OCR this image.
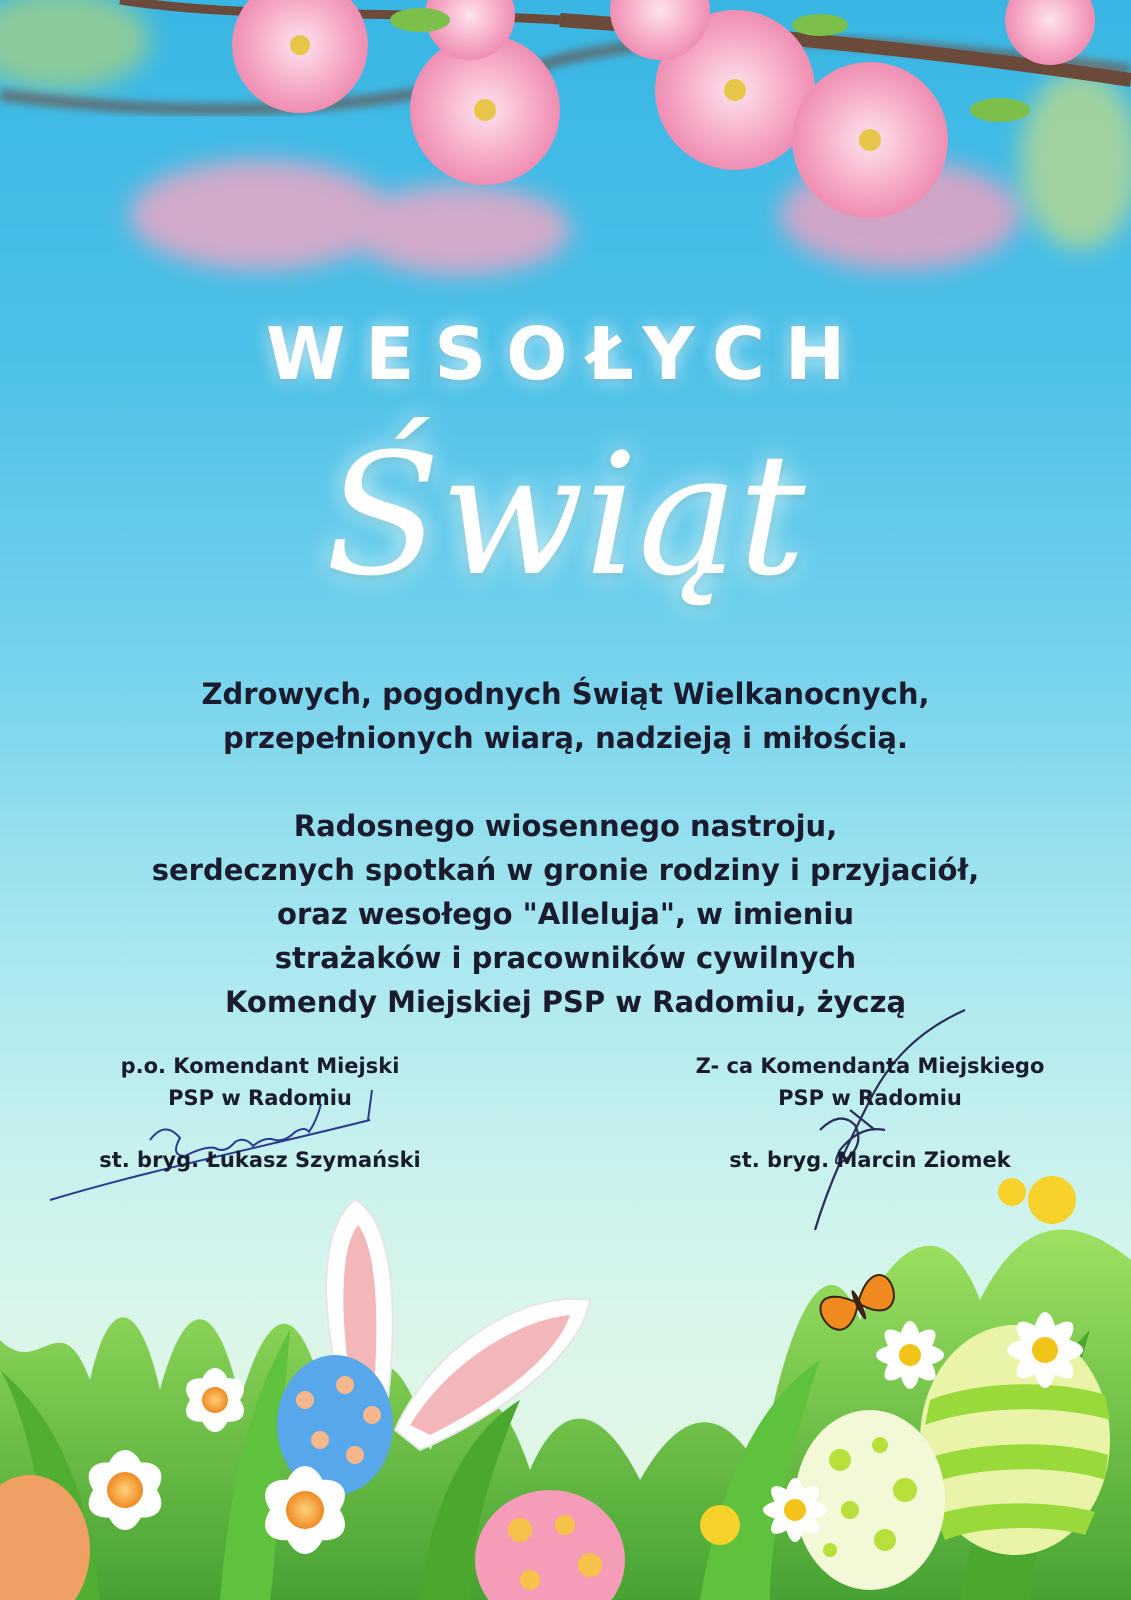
WESOŁYCH
Świąt

Zdrowych, pogodnych Świąt Wielkanocnych,

przepełnionych wiarą, nadzieją i miłością.

Radosnego wiosennego nastroju,

serdecznych spotkań w gronie rodziny i przyjaciół,

oraz wesołego "Alleluja", w imieniu

strażaków i pracowników cywilnych

Komendy Miejskiej PSP w Radomiu, życzą

p.o. Komendant Miejski
PSP w Radomiu
st. bryg. Łukasz Szymański
Z- ca Komendanta Miejskiego
PSP w Radomiu
st. bryg. Marcin Ziomek
